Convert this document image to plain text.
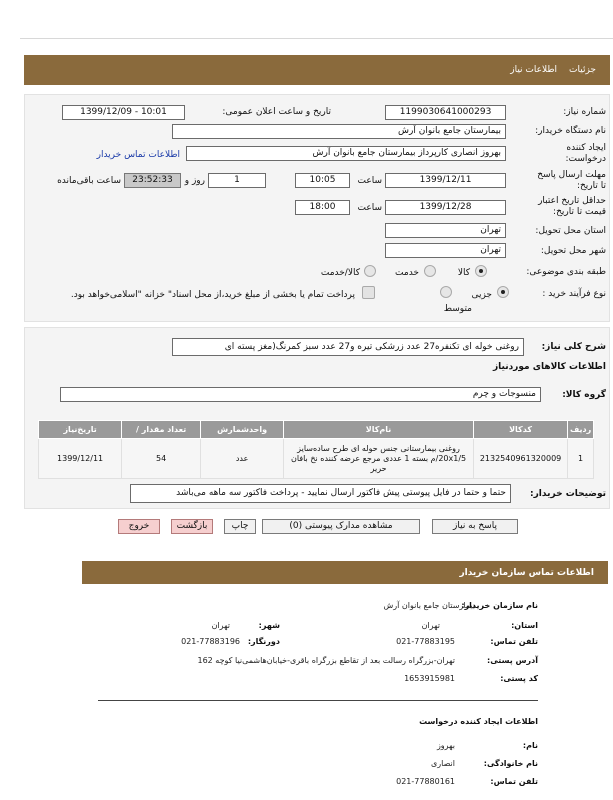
جزئیات
اطلاعات نیاز
شماره نیاز:
1199030641000293
تاریخ و ساعت اعلان عمومی:
1399/12/09 - 10:01
نام دستگاه خریدار:
بیمارستان جامع بانوان آرش
ایجاد کننده درخواست:
بهروز انصاری کارپرداز بیمارستان جامع بانوان آرش
اطلاعات تماس خریدار
مهلت ارسال پاسخ تا تاریخ:
1399/12/11
ساعت
10:05
1
روز و
23:52:33
ساعت باقی‌مانده
حداقل تاریخ اعتبار قیمت تا تاریخ:
1399/12/28
ساعت
18:00
استان محل تحویل:
تهران
شهر محل تحویل:
تهران
طبقه بندی موضوعی:
کالا
خدمت
کالا/خدمت
نوع فرآیند خرید :
جزیی
متوسط
پرداخت تمام یا بخشی از مبلغ خرید،از محل اسناد" خزانه "اسلامی‌خواهد بود.
شرح کلی نیاز:
روغنی خوله ای تکنفره27 عدد زرشکی تیره و27 عدد سبز کمرنگ(مغز پسته ای
اطلاعات کالاهای موردنیاز
گروه کالا:
منسوجات و چرم
ردیف	کدکالا	نام‌کالا	واحدشمارش	تعداد مقدار /	تاریخ‌نیاز
1	2132540961320009	روغنی بیمارستانی جنس حوله ای طرح ساده‌سایز 20x1/5/م بسته 1 عددی مرجع عرضه کننده نخ بافان حریر	عدد	54	1399/12/11
توضیحات خریدار:
حتما و حتما در فایل پیوستی پیش فاکتور ارسال نمایید - پرداخت فاکتور سه ماهه می‌باشد
پاسخ به نیاز
مشاهده مدارک پیوستی (0)
چاپ
بازگشت
خروج
اطلاعات تماس سازمان خریدار
نام سازمان خریدار:
بیمارستان جامع بانوان آرش
استان:
تهران
شهر:
تهران
تلفن تماس:
021-77883195
دورنگار:
021-77883196
آدرس پستی:
تهران-بزرگراه رسالت بعد از تقاطع بزرگراه باقری-خیابان‌هاشمی‌نیا کوچه 162
کد پستی:
1653915981
اطلاعات ایجاد کننده درخواست
نام:
بهروز
نام خانوادگی:
انصاری
تلفن تماس:
021-77880161
